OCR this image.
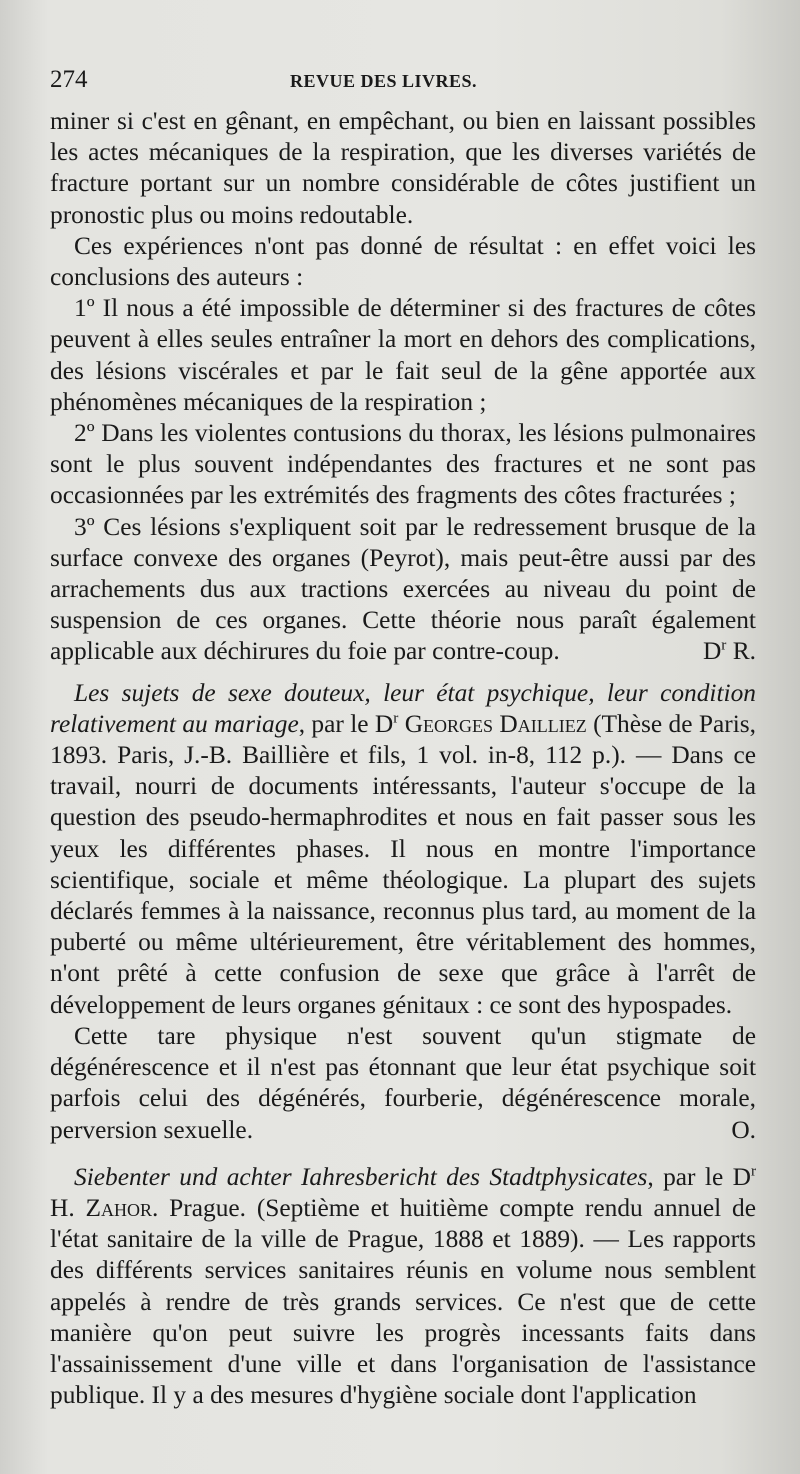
274	REVUE DES LIVRES.

miner si c'est en gênant, en empêchant, ou bien en laissant possibles les actes mécaniques de la respiration, que les diverses variétés de fracture portant sur un nombre considérable de côtes justifient un pronostic plus ou moins redoutable.

Ces expériences n'ont pas donné de résultat : en effet voici les conclusions des auteurs :

1º Il nous a été impossible de déterminer si des fractures de côtes peuvent à elles seules entraîner la mort en dehors des complications, des lésions viscérales et par le fait seul de la gêne apportée aux phénomènes mécaniques de la respiration ;

2º Dans les violentes contusions du thorax, les lésions pulmonaires sont le plus souvent indépendantes des fractures et ne sont pas occasionnées par les extrémités des fragments des côtes fracturées ;

3º Ces lésions s'expliquent soit par le redressement brusque de la surface convexe des organes (Peyrot), mais peut-être aussi par des arrachements dus aux tractions exercées au niveau du point de suspension de ces organes. Cette théorie nous paraît également applicable aux déchirures du foie par contre-coup.	$D^r$ R.

Les sujets de sexe douteux, leur état psychique, leur condition relativement au mariage, par le $D^r$ Georges Dailliez (Thèse de Paris, 1893. Paris, J.-B. Baillière et fils, 1 vol. in-8, 112 p.). — Dans ce travail, nourri de documents intéressants, l'auteur s'occupe de la question des pseudo-hermaphrodites et nous en fait passer sous les yeux les différentes phases. Il nous en montre l'importance scientifique, sociale et même théologique. La plupart des sujets déclarés femmes à la naissance, reconnus plus tard, au moment de la puberté ou même ultérieurement, être véritablement des hommes, n'ont prêté à cette confusion de sexe que grâce à l'arrêt de développement de leurs organes génitaux : ce sont des hypospades.

Cette tare physique n'est souvent qu'un stigmate de dégénérescence et il n'est pas étonnant que leur état psychique soit parfois celui des dégénérés, fourberie, dégénérescence morale, perversion sexuelle.	O.

Siebenter und achter Iahresbericht des Stadtphysicates, par le $D^r$ H. Zahor. Prague. (Septième et huitième compte rendu annuel de l'état sanitaire de la ville de Prague, 1888 et 1889). — Les rapports des différents services sanitaires réunis en volume nous semblent appelés à rendre de très grands services. Ce n'est que de cette manière qu'on peut suivre les progrès incessants faits dans l'assainissement d'une ville et dans l'organisation de l'assistance publique. Il y a des mesures d'hygiène sociale dont l'application
